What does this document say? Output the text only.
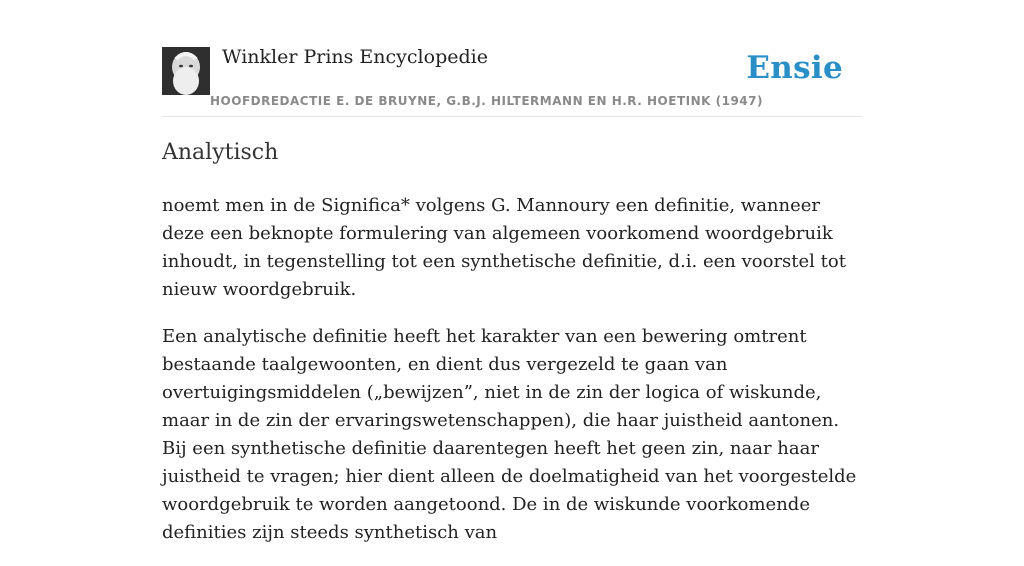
Winkler Prins Encyclopedie	Ensie
HOOFDREDACTIE E. DE BRUYNE, G.B.J. HILTERMANN EN H.R. HOETINK (1947)
Analytisch

noemt men in de Significa* volgens G. Mannoury een definitie, wanneer deze een beknopte formulering van algemeen voorkomend woordgebruik inhoudt, in tegenstelling tot een synthetische definitie, d.i. een voorstel tot nieuw woordgebruik.

Een analytische definitie heeft het karakter van een bewering omtrent bestaande taalgewoonten, en dient dus vergezeld te gaan van overtuigingsmiddelen („bewijzen”, niet in de zin der logica of wiskunde, maar in de zin der ervaringswetenschappen), die haar juistheid aantonen. Bij een synthetische definitie daarentegen heeft het geen zin, naar haar juistheid te vragen; hier dient alleen de doelmatigheid van het voorgestelde woordgebruik te worden aangetoond. De in de wiskunde voorkomende definities zijn steeds synthetisch van
